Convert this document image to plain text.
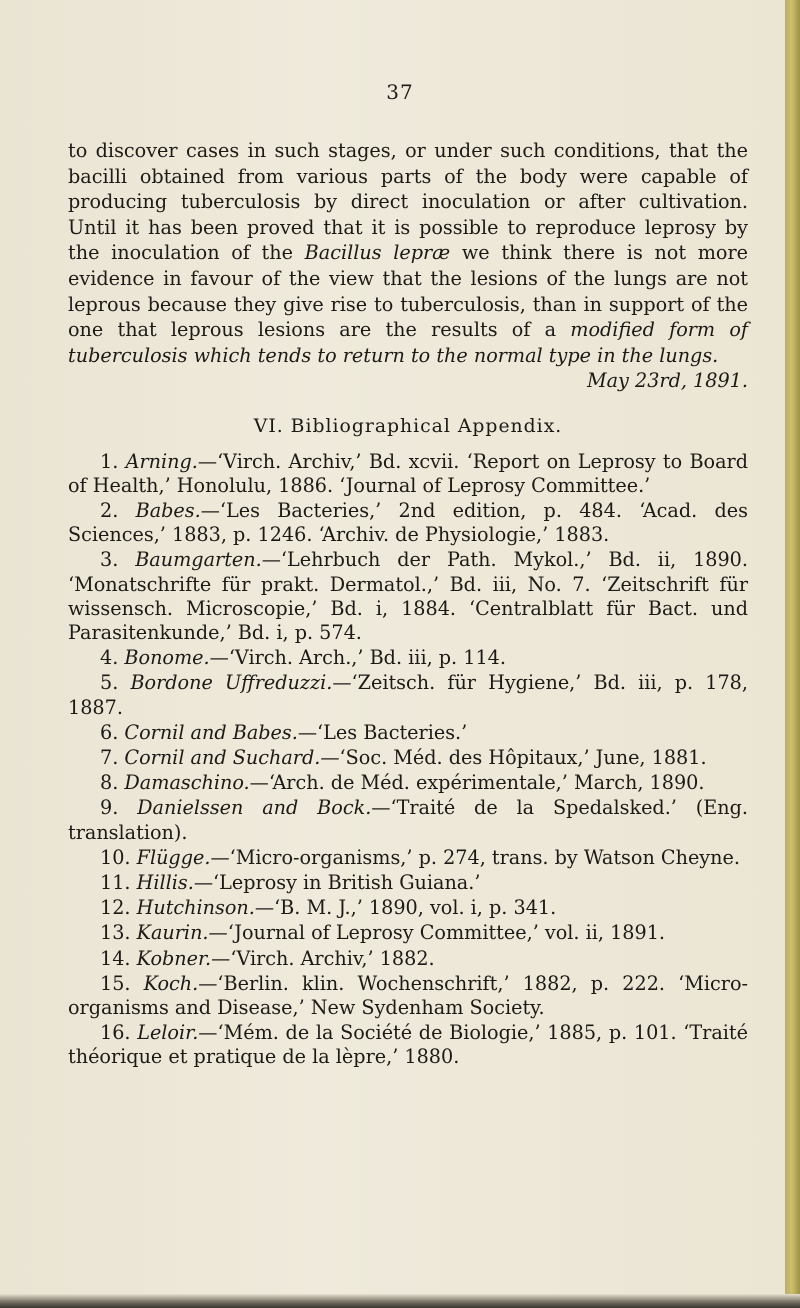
37

to discover cases in such stages, or under such conditions, that the bacilli obtained from various parts of the body were capable of producing tuberculosis by direct inoculation or after cultivation. Until it has been proved that it is possible to reproduce leprosy by the inoculation of the Bacillus lepræ we think there is not more evidence in favour of the view that the lesions of the lungs are not leprous because they give rise to tuberculosis, than in support of the one that leprous lesions are the results of a modified form of tuberculosis which tends to return to the normal type in the lungs.

May 23rd, 1891.

VI. Bibliographical Appendix.
1. Arning.—‘Virch. Archiv,’ Bd. xcvii. ‘Report on Leprosy to Board of Health,’ Honolulu, 1886. ‘Journal of Leprosy Committee.’
2. Babes.—‘Les Bacteries,’ 2nd edition, p. 484. ‘Acad. des Sciences,’ 1883, p. 1246. ‘Archiv. de Physiologie,’ 1883.
3. Baumgarten.—‘Lehrbuch der Path. Mykol.,’ Bd. ii, 1890. ‘Monatschrifte für prakt. Dermatol.,’ Bd. iii, No. 7. ‘Zeitschrift für wissensch. Microscopie,’ Bd. i, 1884. ‘Centralblatt für Bact. und Parasitenkunde,’ Bd. i, p. 574.
4. Bonome.—‘Virch. Arch.,’ Bd. iii, p. 114.
5. Bordone Uffreduzzi.—‘Zeitsch. für Hygiene,’ Bd. iii, p. 178, 1887.
6. Cornil and Babes.—‘Les Bacteries.’
7. Cornil and Suchard.—‘Soc. Méd. des Hôpitaux,’ June, 1881.
8. Damaschino.—‘Arch. de Méd. expérimentale,’ March, 1890.
9. Danielssen and Bock.—‘Traité de la Spedalsked.’ (Eng. translation).
10. Flügge.—‘Micro-organisms,’ p. 274, trans. by Watson Cheyne.
11. Hillis.—‘Leprosy in British Guiana.’
12. Hutchinson.—‘B. M. J.,’ 1890, vol. i, p. 341.
13. Kaurin.—‘Journal of Leprosy Committee,’ vol. ii, 1891.
14. Kobner.—‘Virch. Archiv,’ 1882.
15. Koch.—‘Berlin. klin. Wochenschrift,’ 1882, p. 222. ‘Micro-organisms and Disease,’ New Sydenham Society.
16. Leloir.—‘Mém. de la Société de Biologie,’ 1885, p. 101. ‘Traité théorique et pratique de la lèpre,’ 1880.
